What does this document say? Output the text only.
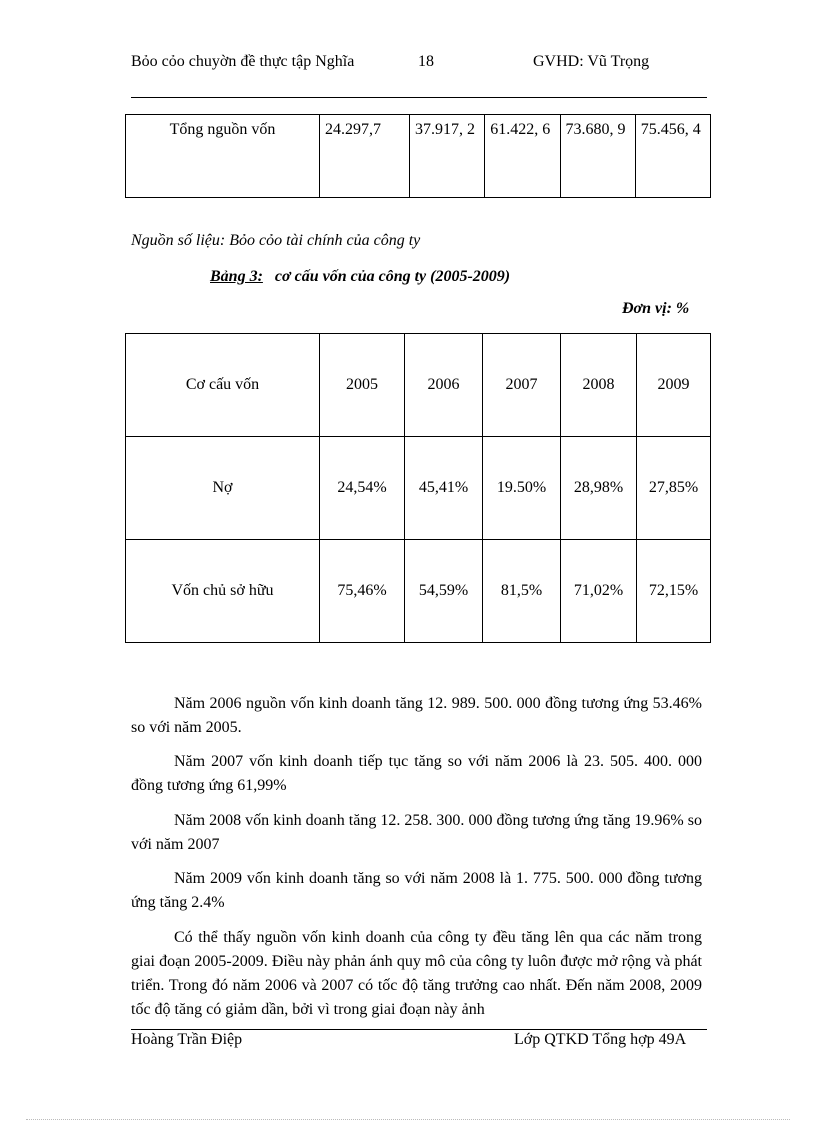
Bỏo cỏo chuyờn đề thực tập Nghĩa	18	GVHD: Vũ Trọng
Tổng nguồn vốn	24.297,7	37.917, 2	61.422, 6	73.680, 9	75.456, 4
Nguồn số liệu: Bỏo cỏo tài chính của công ty
Bảng 3: cơ cấu vốn của công ty (2005-2009)
Đơn vị: %
Cơ cấu vốn	2005	2006	2007	2008	2009
Nợ	24,54%	45,41%	19.50%	28,98%	27,85%
Vốn chủ sở hữu	75,46%	54,59%	81,5%	71,02%	72,15%

Năm 2006 nguồn vốn kinh doanh tăng 12. 989. 500. 000 đồng tương ứng 53.46% so với năm 2005.

Năm 2007 vốn kinh doanh tiếp tục tăng so với năm 2006 là 23. 505. 400. 000 đồng tương ứng 61,99%

Năm 2008 vốn kinh doanh tăng 12. 258. 300. 000 đồng tương ứng tăng 19.96% so với năm 2007

Năm 2009 vốn kinh doanh tăng so với năm 2008 là 1. 775. 500. 000 đồng tương ứng tăng 2.4%

Có thể thấy nguồn vốn kinh doanh của công ty đều tăng lên qua các năm trong giai đoạn 2005-2009. Điều này phản ánh quy mô của công ty luôn được mở rộng và phát triển. Trong đó năm 2006 và 2007 có tốc độ tăng trưởng cao nhất. Đến năm 2008, 2009 tốc độ tăng có giảm dần, bởi vì trong giai đoạn này ảnh

Hoàng Trần Điệp	Lớp QTKD Tổng hợp 49A
